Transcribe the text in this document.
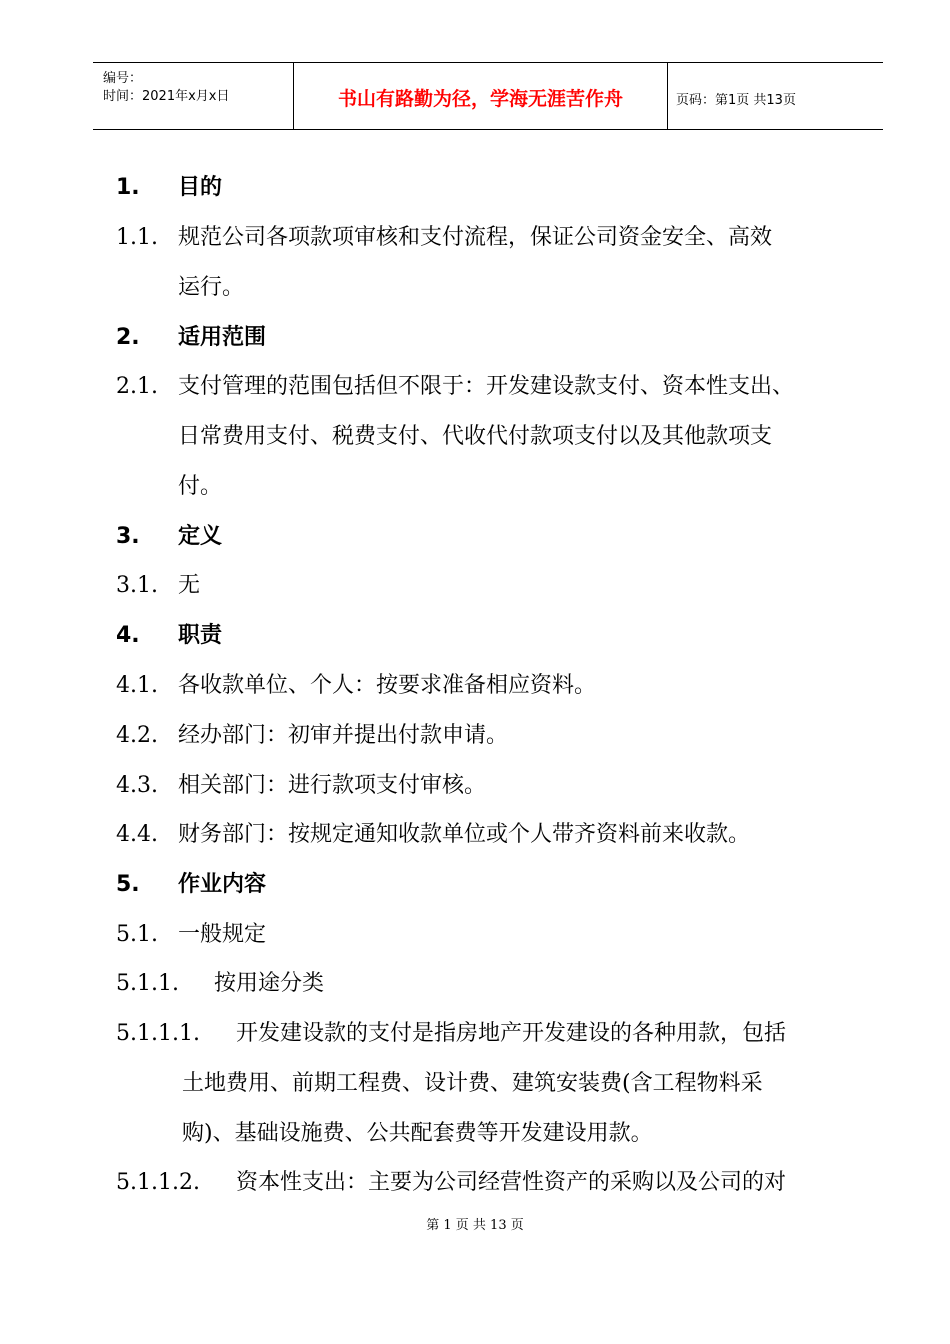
编号：
时间：2021年x月x日	书山有路勤为径，学海无涯苦作舟	页码：第1页 共13页
1. 目的
1.1. 规范公司各项款项审核和支付流程，保证公司资金安全、高效
运行。
2. 适用范围
2.1. 支付管理的范围包括但不限于：开发建设款支付、资本性支出、
日常费用支付、税费支付、代收代付款项支付以及其他款项支
付。
3. 定义
3.1. 无
4. 职责
4.1. 各收款单位、个人：按要求准备相应资料。
4.2. 经办部门：初审并提出付款申请。
4.3. 相关部门：进行款项支付审核。
4.4. 财务部门：按规定通知收款单位或个人带齐资料前来收款。
5. 作业内容
5.1. 一般规定
5.1.1. 按用途分类
5.1.1.1. 开发建设款的支付是指房地产开发建设的各种用款，包括
土地费用、前期工程费、设计费、建筑安装费(含工程物料采
购)、基础设施费、公共配套费等开发建设用款。
5.1.1.2. 资本性支出：主要为公司经营性资产的采购以及公司的对
第 1 页 共 13 页
